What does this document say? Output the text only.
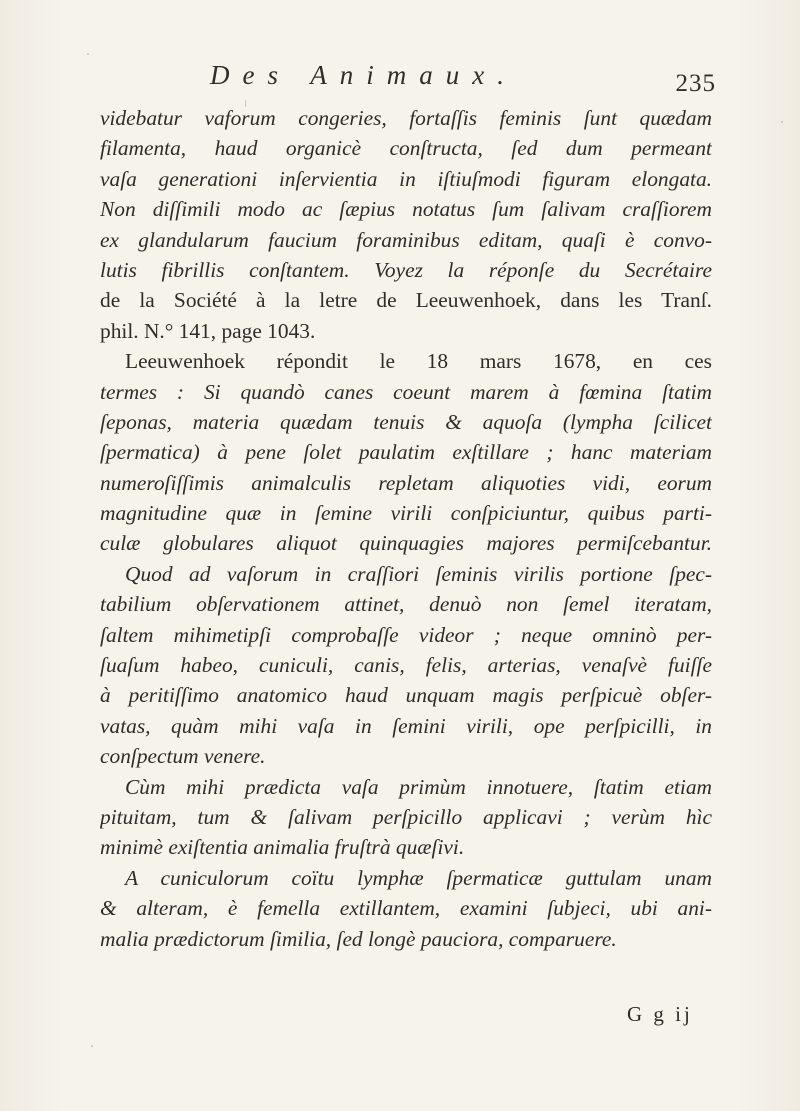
Des Animaux.	235
videbatur vaforum congeries, fortaſſis feminis ſunt quædam
filamenta, haud organicè conſtructa, ſed dum permeant
vaſa generationi inſervientia in iſtiuſmodi figuram elongata.
Non diſſimili modo ac ſæpius notatus ſum ſalivam craſſiorem
ex glandularum faucium foraminibus editam, quaſi è convo-
lutis fibrillis conſtantem. Voyez la réponſe du Secrétaire
de la Société à la letre de Leeuwenhoek, dans les Tranſ.
phil. N.° 141, page 1043.
Leeuwenhoek répondit le 18 mars 1678, en ces
termes : Si quandò canes coeunt marem à fœmina ſtatim
ſeponas, materia quædam tenuis & aquoſa (lympha ſcilicet
ſpermatica) à pene ſolet paulatim exſtillare ; hanc materiam
numeroſiſſimis animalculis repletam aliquoties vidi, eorum
magnitudine quæ in ſemine virili conſpiciuntur, quibus parti-
culæ globulares aliquot quinquagies majores permiſcebantur.
Quod ad vaſorum in craſſiori ſeminis virilis portione ſpec-
tabilium obſervationem attinet, denuò non ſemel iteratam,
ſaltem mihimetipſi comprobaſſe videor ; neque omninò per-
ſuaſum habeo, cuniculi, canis, felis, arterias, venaſvè fuiſſe
à peritiſſimo anatomico haud unquam magis perſpicuè obſer-
vatas, quàm mihi vaſa in ſemini virili, ope perſpicilli, in
conſpectum venere.
Cùm mihi prædicta vaſa primùm innotuere, ſtatim etiam
pituitam, tum & ſalivam perſpicillo applicavi ; verùm hìc
minimè exiſtentia animalia fruſtrà quæſivi.
A cuniculorum coïtu lymphæ ſpermaticæ guttulam unam
& alteram, è femella extillantem, examini ſubjeci, ubi ani-
malia prædictorum ſimilia, ſed longè pauciora, comparuere.
G g ij
